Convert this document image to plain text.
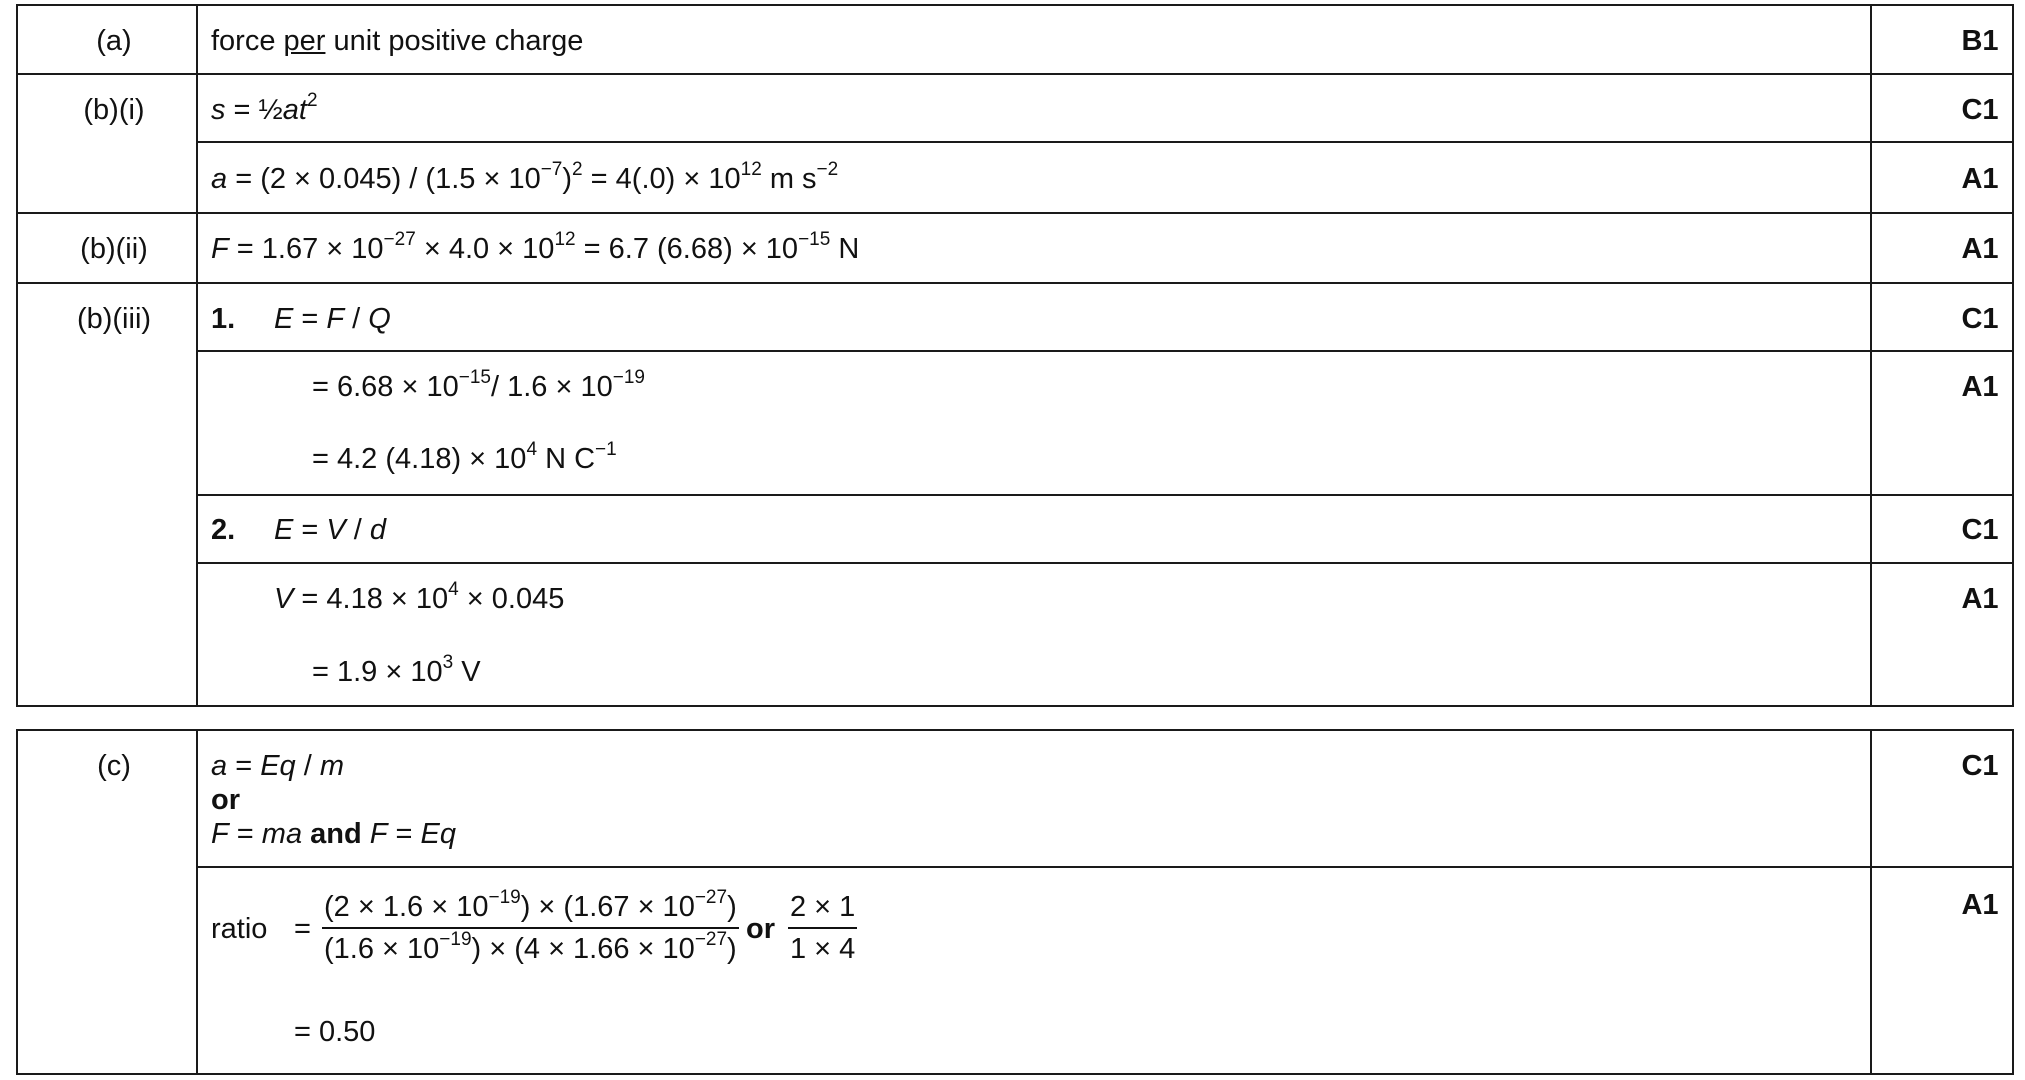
(a)	force per unit positive charge	B1
(b)(i)	$s = \frac{1}{2}at^2$	C1
$a = (2 \times 0.045) / (1.5 \times 10^{-7})^2 = 4(.0) \times 10^{12}$ m $s^{-2}$	A1
(b)(ii)	$F = 1.67 \times 10^{-27} \times 4.0 \times 10^{12} = 6.7$ $(6.68) \times 10^{-15}$ N	A1
(b)(iii)	1. E = F / Q	C1
= $6.68 \times 10^{-15}/$ $1.6 \times 10^{-19}$	A1
= 4.2 $(4.18) \times 10^4$ N $C^{-1}$
2. E = V / d	C1
$V = 4.18 \times 10^4 \times 0.045$	A1
= $1.9 \times 10^3$ V
(c)	a = Eq / m
or
F = ma and F = Eq
C1
ratio = $\frac{(2 \times 1.6 \times 10^{-19}) \times (1.67 \times 10^{-27})}{(1.6 \times 10^{-19}) \times (4 \times 1.66 \times 10^{-27})}$ or $\frac{2 \times 1}{1 \times 4}$	A1
= 0.50
